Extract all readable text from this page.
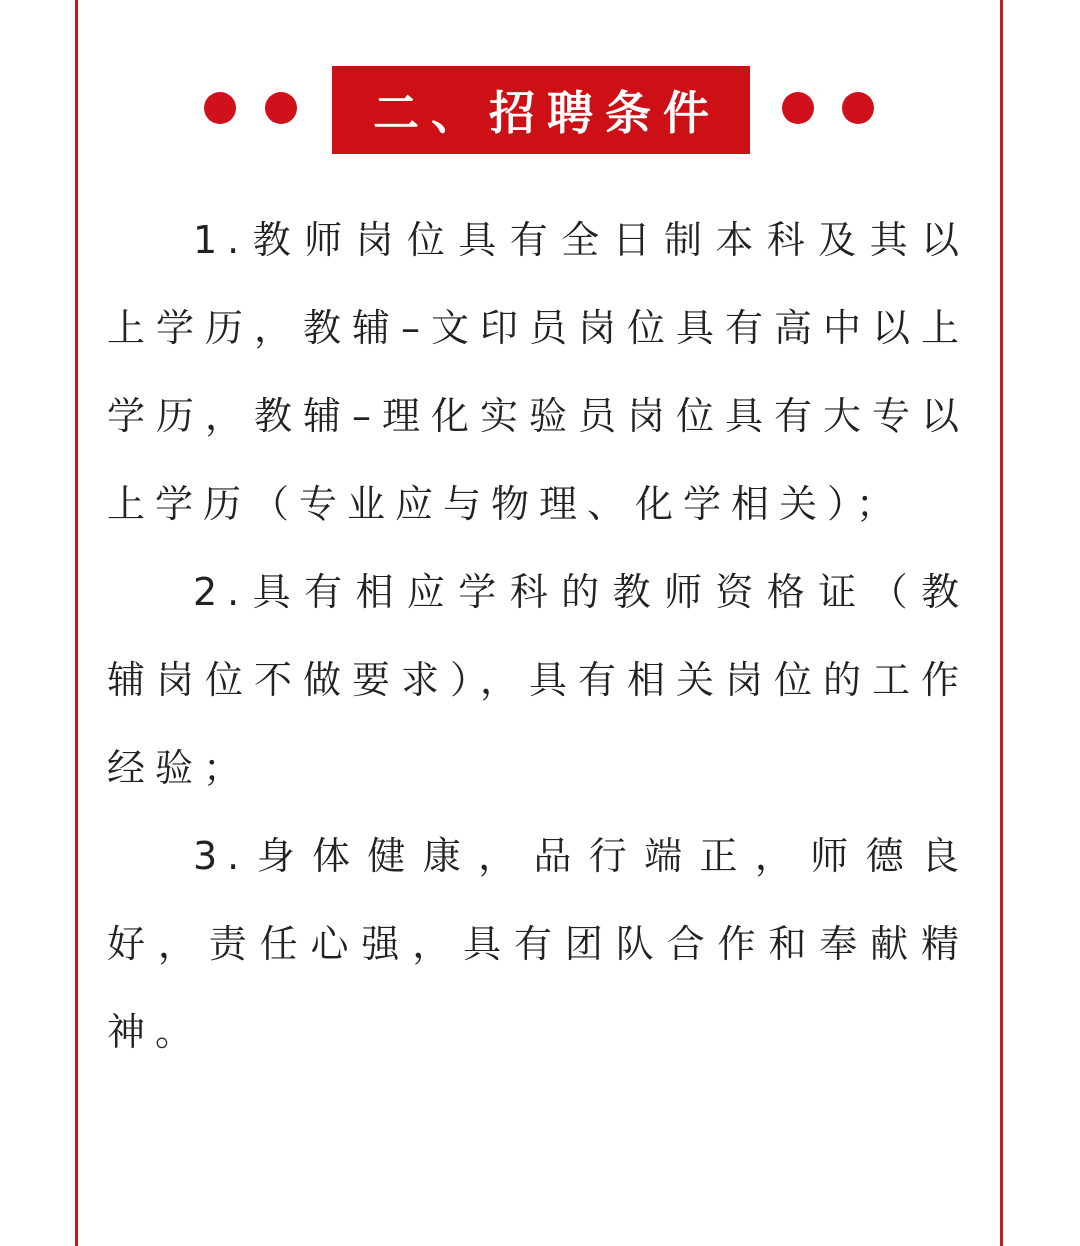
二、招聘条件

1.教师岗位具有全日制本科及其以上学历，教辅–文印员岗位具有高中以上学历，教辅–理化实验员岗位具有大专以上学历（专业应与物理、化学相关）；

2.具有相应学科的教师资格证（教辅岗位不做要求），具有相关岗位的工作经验；

3.身体健康，品行端正，师德良好，责任心强，具有团队合作和奉献精神。
